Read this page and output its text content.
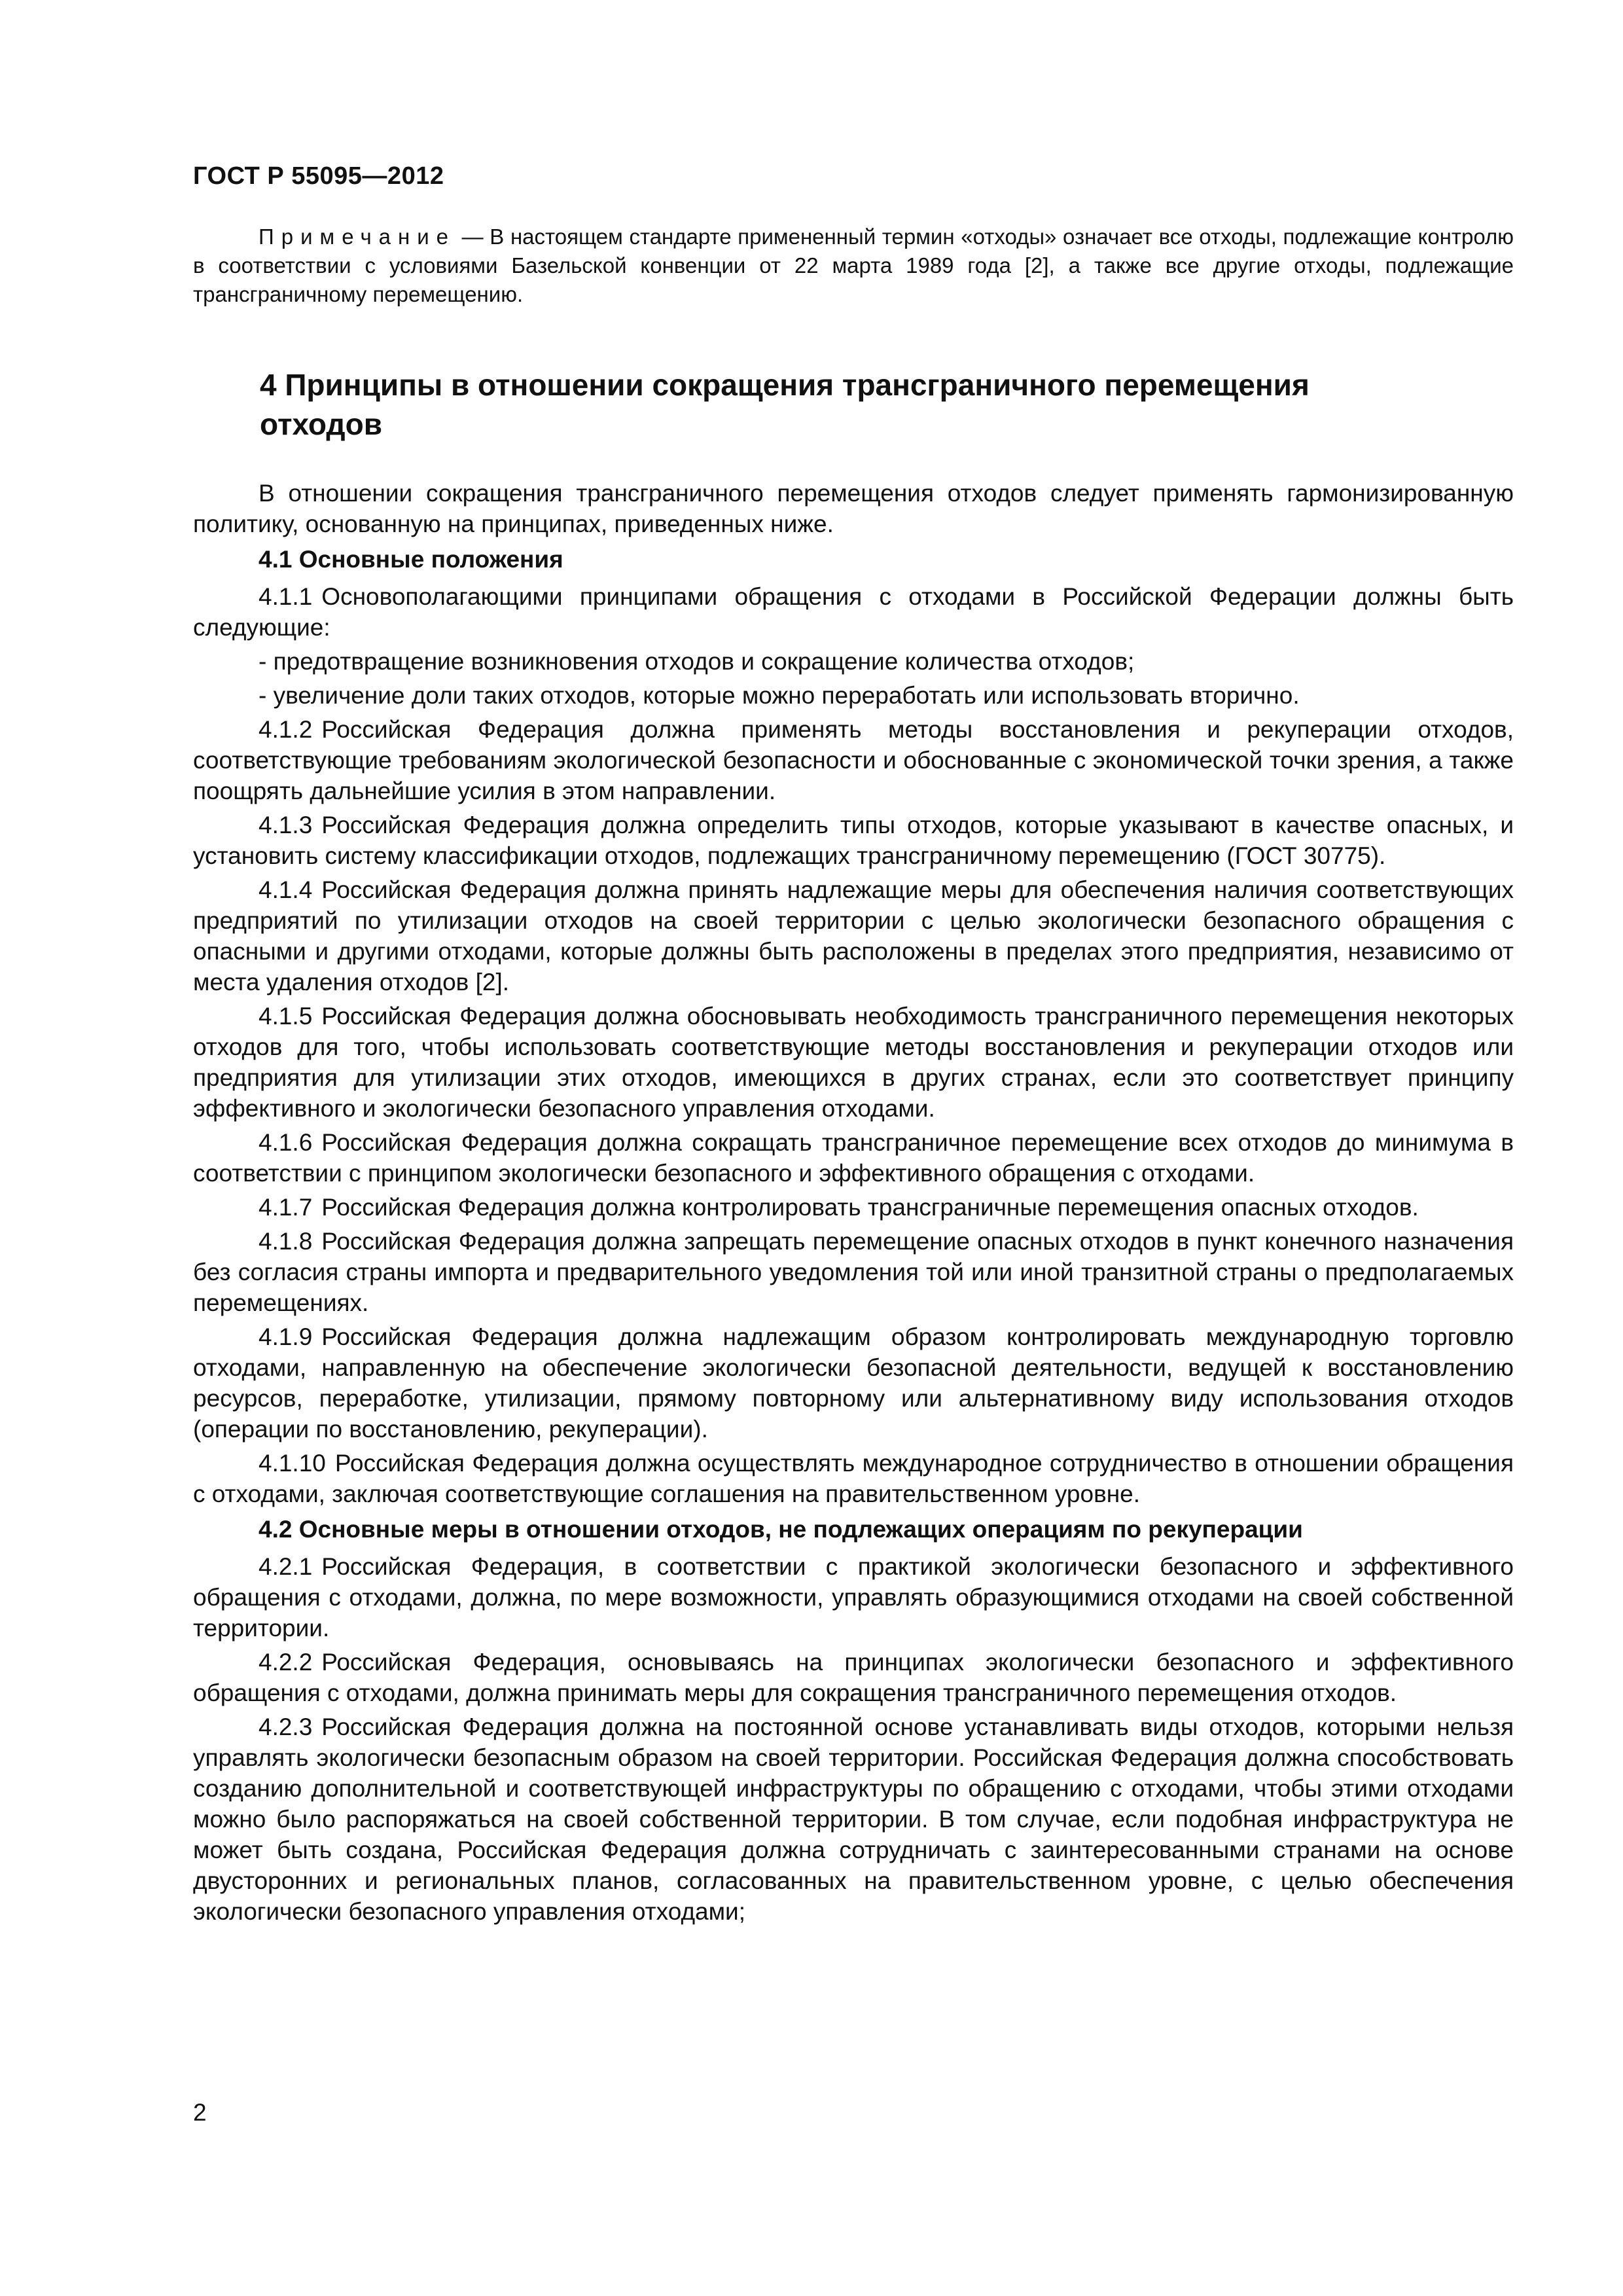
ГОСТ Р 55095—2012

Примечание — В настоящем стандарте примененный термин «отходы» означает все отходы, подлежащие контролю в соответствии с условиями Базельской конвенции от 22 марта 1989 года [2], а также все другие отходы, подлежащие трансграничному перемещению.

4 Принципы в отношении сокращения трансграничного перемещения отходов

В отношении сокращения трансграничного перемещения отходов следует применять гармонизированную политику, основанную на принципах, приведенных ниже.

4.1 Основные положения

4.1.1 Основополагающими принципами обращения с отходами в Российской Федерации должны быть следующие:

- предотвращение возникновения отходов и сокращение количества отходов;

- увеличение доли таких отходов, которые можно переработать или использовать вторично.

4.1.2 Российская Федерация должна применять методы восстановления и рекуперации отходов, соответствующие требованиям экологической безопасности и обоснованные с экономической точки зрения, а также поощрять дальнейшие усилия в этом направлении.

4.1.3 Российская Федерация должна определить типы отходов, которые указывают в качестве опасных, и установить систему классификации отходов, подлежащих трансграничному перемещению (ГОСТ 30775).

4.1.4 Российская Федерация должна принять надлежащие меры для обеспечения наличия соответствующих предприятий по утилизации отходов на своей территории с целью экологически безопасного обращения с опасными и другими отходами, которые должны быть расположены в пределах этого предприятия, независимо от места удаления отходов [2].

4.1.5 Российская Федерация должна обосновывать необходимость трансграничного перемещения некоторых отходов для того, чтобы использовать соответствующие методы восстановления и рекуперации отходов или предприятия для утилизации этих отходов, имеющихся в других странах, если это соответствует принципу эффективного и экологически безопасного управления отходами.

4.1.6 Российская Федерация должна сокращать трансграничное перемещение всех отходов до минимума в соответствии с принципом экологически безопасного и эффективного обращения с отходами.

4.1.7 Российская Федерация должна контролировать трансграничные перемещения опасных отходов.

4.1.8 Российская Федерация должна запрещать перемещение опасных отходов в пункт конечного назначения без согласия страны импорта и предварительного уведомления той или иной транзитной страны о предполагаемых перемещениях.

4.1.9 Российская Федерация должна надлежащим образом контролировать международную торговлю отходами, направленную на обеспечение экологически безопасной деятельности, ведущей к восстановлению ресурсов, переработке, утилизации, прямому повторному или альтернативному виду использования отходов (операции по восстановлению, рекуперации).

4.1.10 Российская Федерация должна осуществлять международное сотрудничество в отношении обращения с отходами, заключая соответствующие соглашения на правительственном уровне.

4.2 Основные меры в отношении отходов, не подлежащих операциям по рекуперации

4.2.1 Российская Федерация, в соответствии с практикой экологически безопасного и эффективного обращения с отходами, должна, по мере возможности, управлять образующимися отходами на своей собственной территории.

4.2.2 Российская Федерация, основываясь на принципах экологически безопасного и эффективного обращения с отходами, должна принимать меры для сокращения трансграничного перемещения отходов.

4.2.3 Российская Федерация должна на постоянной основе устанавливать виды отходов, которыми нельзя управлять экологически безопасным образом на своей территории. Российская Федерация должна способствовать созданию дополнительной и соответствующей инфраструктуры по обращению с отходами, чтобы этими отходами можно было распоряжаться на своей собственной территории. В том случае, если подобная инфраструктура не может быть создана, Российская Федерация должна сотрудничать с заинтересованными странами на основе двусторонних и региональных планов, согласованных на правительственном уровне, с целью обеспечения экологически безопасного управления отходами;

2
